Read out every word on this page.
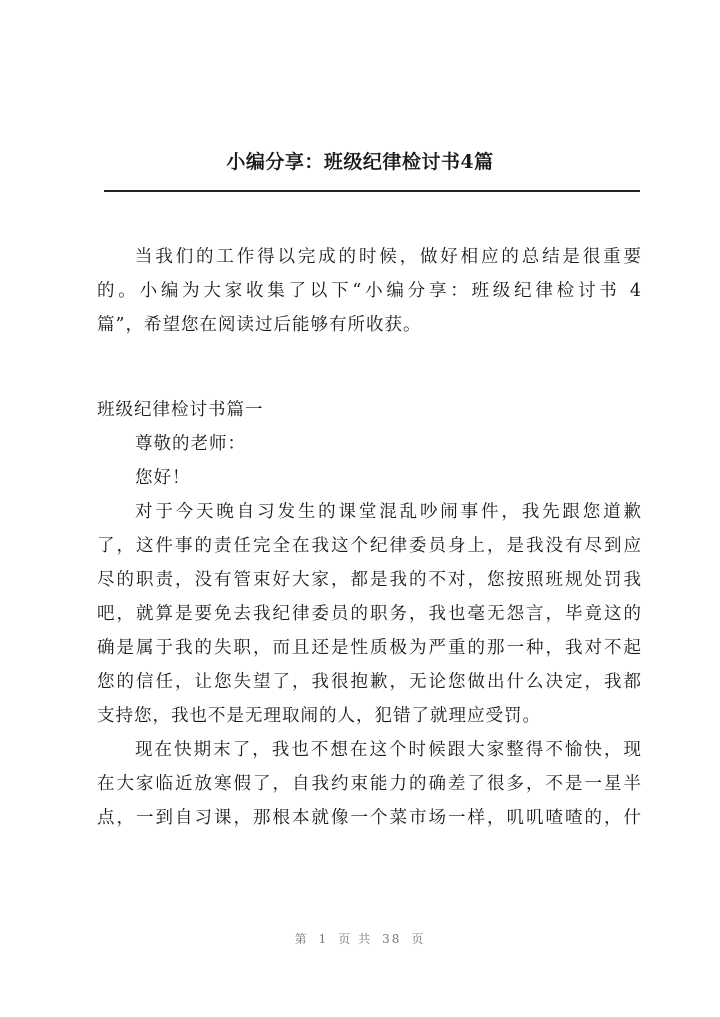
小编分享：班级纪律检讨书4篇
当我们的工作得以完成的时候，做好相应的总结是很重要
的。小编为大家收集了以下“小编分享：班级纪律检讨书 4
篇”，希望您在阅读过后能够有所收获。
班级纪律检讨书篇一
尊敬的老师：
您好！
对于今天晚自习发生的课堂混乱吵闹事件，我先跟您道歉
了，这件事的责任完全在我这个纪律委员身上，是我没有尽到应
尽的职责，没有管束好大家，都是我的不对，您按照班规处罚我
吧，就算是要免去我纪律委员的职务，我也毫无怨言，毕竟这的
确是属于我的失职，而且还是性质极为严重的那一种，我对不起
您的信任，让您失望了，我很抱歉，无论您做出什么决定，我都
支持您，我也不是无理取闹的人，犯错了就理应受罚。
现在快期末了，我也不想在这个时候跟大家整得不愉快，现
在大家临近放寒假了，自我约束能力的确差了很多，不是一星半
点，一到自习课，那根本就像一个菜市场一样，叽叽喳喳的，什
第 1 页 共 38 页
